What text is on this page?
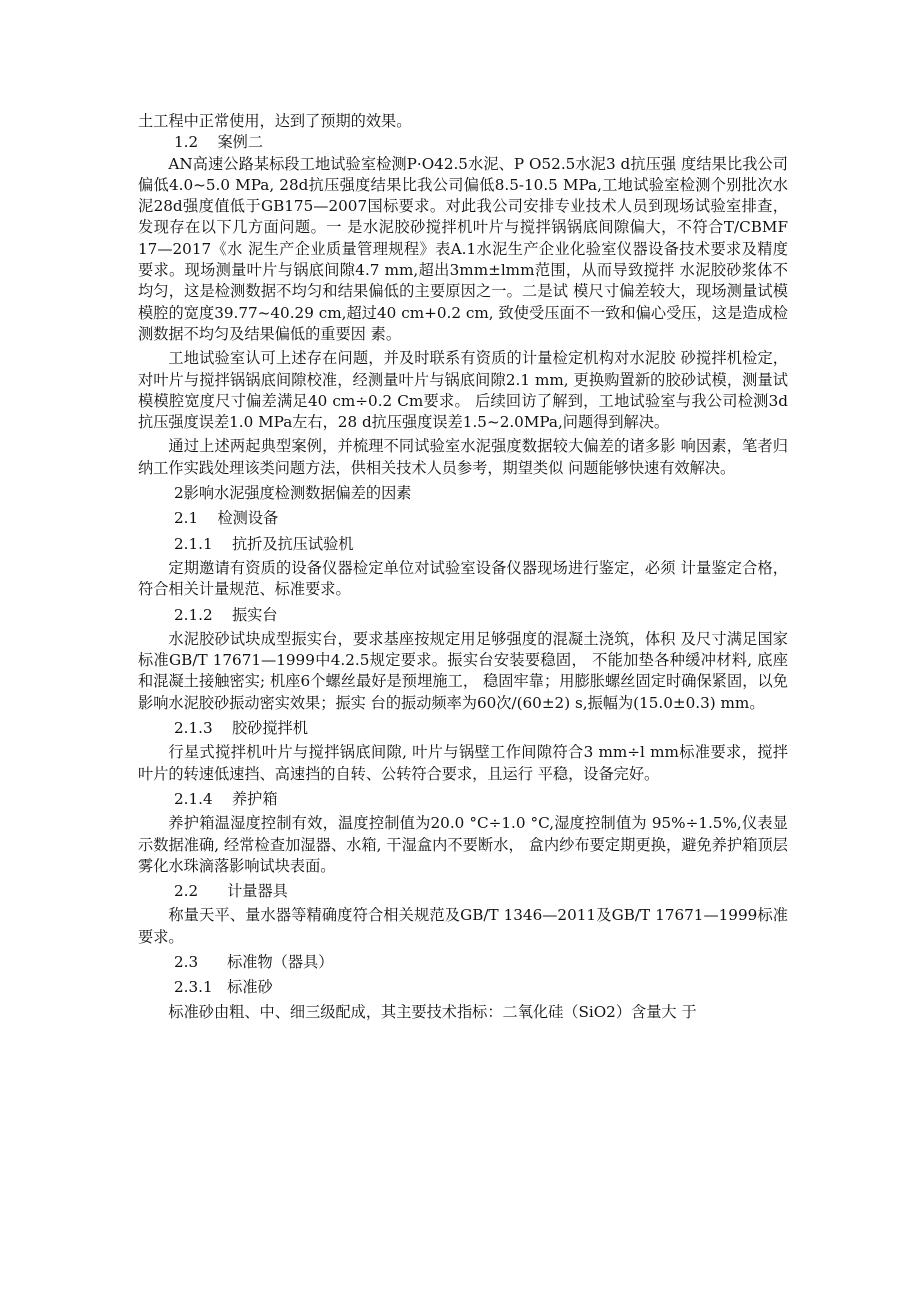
土工程中正常使用，达到了预期的效果。

1.2    案例二

AN高速公路某标段工地试验室检测P·O42.5水泥、P O52.5水泥3 d抗压强 度结果比我公司偏低4.0~5.0 MPa, 28d抗压强度结果比我公司偏低8.5-10.5 MPa,工地试验室检测个别批次水泥28d强度值低于GB175—2007国标要求。对此我公司安排专业技术人员到现场试验室排查，发现存在以下几方面问题。一 是水泥胶砂搅拌机叶片与搅拌锅锅底间隙偏大，不符合T/CBMF 17—2017《水 泥生产企业质量管理规程》表A.1水泥生产企业化验室仪器设备技术要求及精度 要求。现场测量叶片与锅底间隙4.7 mm,超出3mm±lmm范围，从而导致搅拌 水泥胶砂浆体不均匀，这是检测数据不均匀和结果偏低的主要原因之一。二是试 模尺寸偏差较大，现场测量试模模腔的宽度39.77~40.29 cm,超过40 cm+0.2 cm, 致使受压面不一致和偏心受压，这是造成检测数据不均匀及结果偏低的重要因 素。

工地试验室认可上述存在问题，并及时联系有资质的计量检定机构对水泥胶 砂搅拌机检定，对叶片与搅拌锅锅底间隙校准，经测量叶片与锅底间隙2.1 mm, 更换购置新的胶砂试模，测量试模模腔宽度尺寸偏差满足40 cm÷0.2 Cm要求。 后续回访了解到，工地试验室与我公司检测3d抗压强度误差1.0 MPa左右，28 d抗压强度误差1.5~2.0MPa,问题得到解决。

通过上述两起典型案例，并梳理不同试验室水泥强度数据较大偏差的诸多影 响因素，笔者归纳工作实践处理该类问题方法，供相关技术人员参考，期望类似 问题能够快速有效解决。

2影响水泥强度检测数据偏差的因素

2.1    检测设备

2.1.1    抗折及抗压试验机

定期邀请有资质的设备仪器检定单位对试验室设备仪器现场进行鉴定，必须 计量鉴定合格，符合相关计量规范、标准要求。

2.1.2    振实台

水泥胶砂试块成型振实台，要求基座按规定用足够强度的混凝土浇筑，体积 及尺寸满足国家标准GB/T 17671—1999中4.2.5规定要求。振实台安装要稳固， 不能加垫各种缓冲材料, 底座和混凝土接触密实; 机座6个螺丝最好是预埋施工， 稳固牢靠；用膨胀螺丝固定时确保紧固，以免影响水泥胶砂振动密实效果；振实 台的振动频率为60次/(60±2) s,振幅为(15.0±0.3) mm。

2.1.3    胶砂搅拌机

行星式搅拌机叶片与搅拌锅底间隙, 叶片与锅壁工作间隙符合3 mm÷l mm标准要求，搅拌叶片的转速低速挡、高速挡的自转、公转符合要求，且运行 平稳，设备完好。

2.1.4    养护箱

养护箱温湿度控制有效，温度控制值为20.0 °C÷1.0 °C,湿度控制值为 95%÷1.5%,仪表显示数据准确, 经常检查加湿器、水箱, 干湿盒内不要断水， 盒内纱布要定期更换，避免养护箱顶层雾化水珠滴落影响试块表面。

2.2      计量器具

称量天平、量水器等精确度符合相关规范及GB/T 1346—2011及GB/T 17671—1999标准要求。

2.3      标准物（器具）

2.3.1   标准砂

标准砂由粗、中、细三级配成，其主要技术指标：二氧化硅（SiO2）含量大 于
